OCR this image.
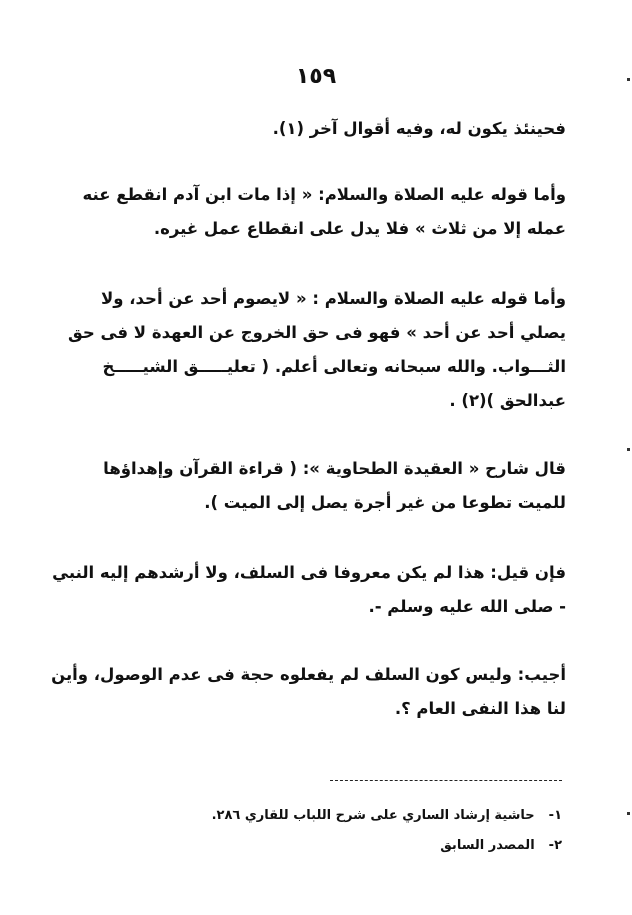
١٥٩
فحينئذ يكون له، وفيه أقوال آخر (١).
وأما قوله عليه الصلاة والسلام: « إذا مات ابن آدم انقطع عنه
عمله إلا من ثلاث » فلا يدل على انقطاع عمل غيره.
وأما قوله عليه الصلاة والسلام : « لايصوم أحد عن أحد، ولا
يصلي أحد عن أحد » فهو فى حق الخروج عن العهدة لا فى حق
الثـــواب. والله سبحانه وتعالى أعلم. ( تعليـــــق الشيـــــخ
عبدالحق )(٢) .
قال شارح « العقيدة الطحاوية »: ( قراءة القرآن وإهداؤها
للميت تطوعا من غير أجرة يصل إلى الميت ).
فإن قيل: هذا لم يكن معروفا فى السلف، ولا أرشدهم إليه النبي
- صلى الله عليه وسلم -.
أجيب: وليس كون السلف لم يفعلوه حجة فى عدم الوصول، وأين
لنا هذا النفى العام ؟.
١-حاشية إرشاد الساري على شرح اللباب للقاري ٢٨٦.
٢-المصدر السابق
